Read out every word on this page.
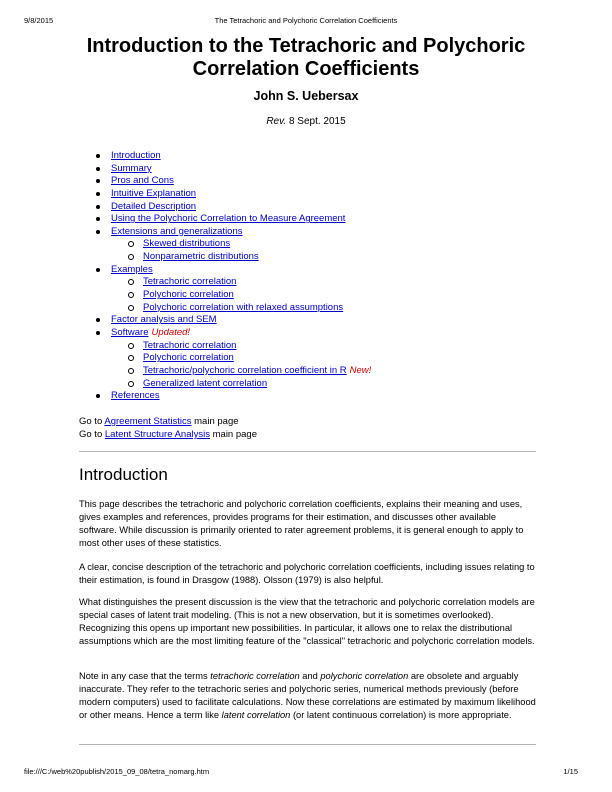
9/8/2015	The Tetrachoric and Polychoric Correlation Coefficients
Introduction to the Tetrachoric and Polychoric
Correlation Coefficients
John S. Uebersax
Rev. 8 Sept. 2015
Introduction
Summary
Pros and Cons
Intuitive Explanation
Detailed Description
Using the Polychoric Correlation to Measure Agreement
Extensions and generalizations
Skewed distributions
Nonparametric distributions
Examples
Tetrachoric correlation
Polychoric correlation
Polychoric correlation with relaxed assumptions
Factor analysis and SEM
Software Updated!
Tetrachoric correlation
Polychoric correlation
Tetrachoric/polychoric correlation coefficient in R New!
Generalized latent correlation
References
Go to Agreement Statistics main page
Go to Latent Structure Analysis main page
Introduction

This page describes the tetrachoric and polychoric correlation coefficients, explains their meaning and uses, gives examples and references, provides programs for their estimation, and discusses other available software. While discussion is primarily oriented to rater agreement problems, it is general enough to apply to most other uses of these statistics.

A clear, concise description of the tetrachoric and polychoric correlation coefficients, including issues relating to their estimation, is found in Drasgow (1988). Olsson (1979) is also helpful.

What distinguishes the present discussion is the view that the tetrachoric and polychoric correlation models are special cases of latent trait modeling. (This is not a new observation, but it is sometimes overlooked). Recognizing this opens up important new possibilities. In particular, it allows one to relax the distributional assumptions which are the most limiting feature of the "classical" tetrachoric and polychoric correlation models.

Note in any case that the terms tetrachoric correlation and polychoric correlation are obsolete and arguably inaccurate. They refer to the tetrachoric series and polychoric series, numerical methods previously (before modern computers) used to facilitate calculations. Now these correlations are estimated by maximum likelihood or other means. Hence a term like latent correlation (or latent continuous correlation) is more appropriate.

file:///C:/web%20publish/2015_09_08/tetra_nomarg.htm	1/15
